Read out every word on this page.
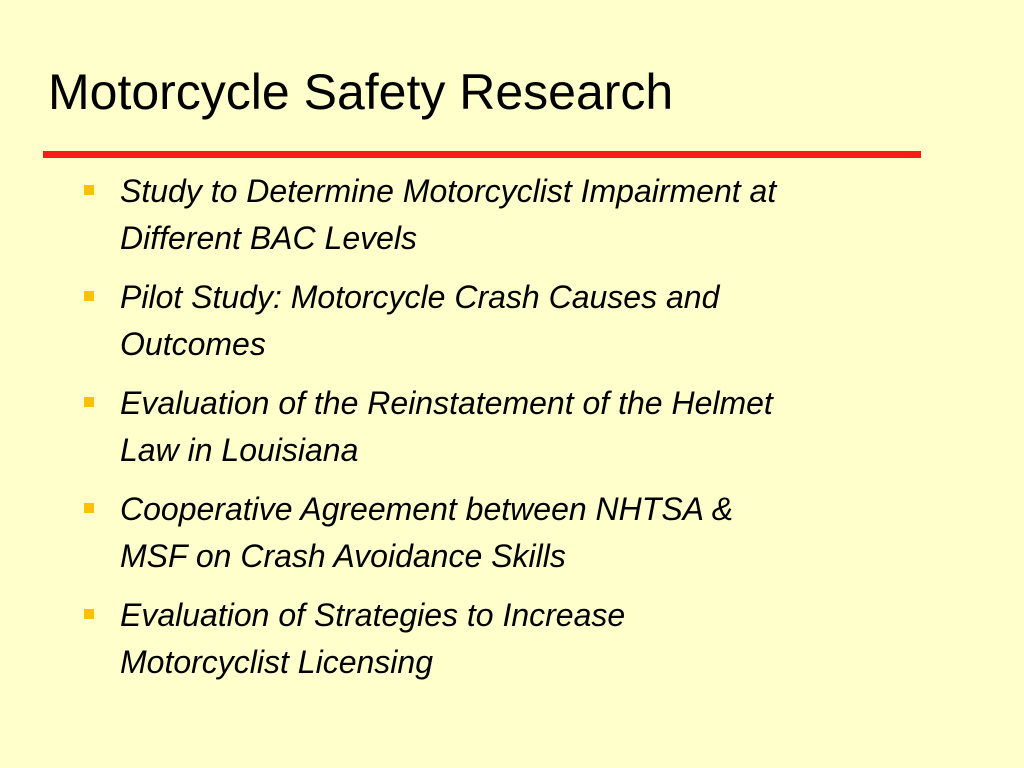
Motorcycle Safety Research
Study to Determine Motorcyclist Impairment at
Different BAC Levels
Pilot Study: Motorcycle Crash Causes and
Outcomes
Evaluation of the Reinstatement of the Helmet
Law in Louisiana
Cooperative Agreement between NHTSA &
MSF on Crash Avoidance Skills
Evaluation of Strategies to Increase
Motorcyclist Licensing
